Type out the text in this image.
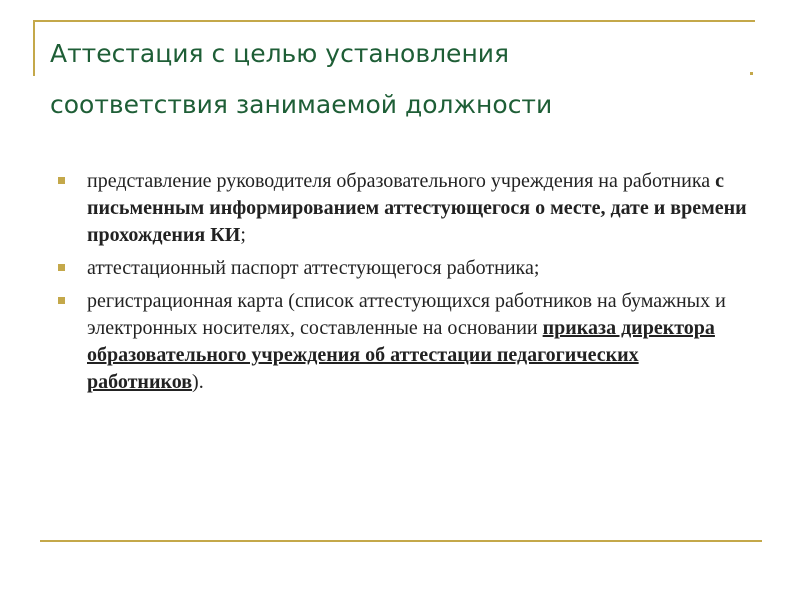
Аттестация с целью установления
соответствия занимаемой должности
представление руководителя образовательного учреждения на работника с письменным информированием аттестующегося о месте, дате и времени прохождения КИ;
аттестационный паспорт аттестующегося работника;
регистрационная карта (список аттестующихся работников на бумажных и электронных носителях, составленные на основании приказа директора образовательного учреждения об аттестации педагогических работников).
